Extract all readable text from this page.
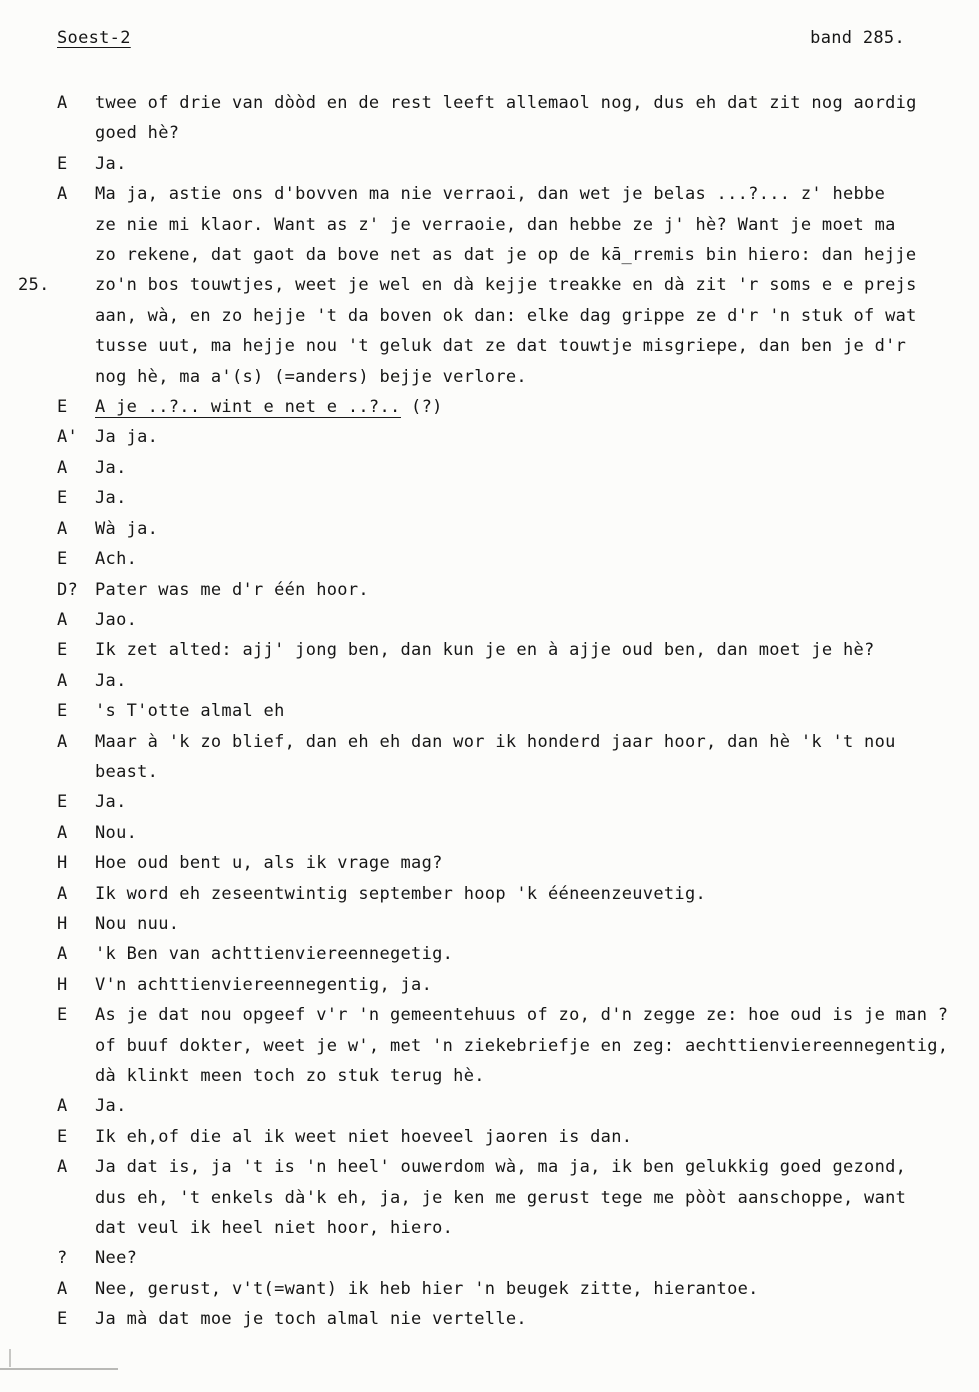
Soest-2	band 285.
A	twee of drie van dòòd en de rest leeft allemaol nog, dus eh dat zit nog aordig
goed hè?
E	Ja.
A	Ma ja, astie ons d'bovven ma nie verraoi, dan wet je belas ...?... z' hebbe
ze nie mi klaor. Want as z' je verraoie, dan hebbe ze j' hè? Want je moet ma
zo rekene, dat gaot da bove net as dat je op de kā̲rremis bin hiero: dan hejje
25.	zo'n bos touwtjes, weet je wel en dà kejje treakke en dà zit 'r soms e e prejs
aan, wà, en zo hejje 't da boven ok dan: elke dag grippe ze d'r 'n stuk of wat
tusse uut, ma hejje nou 't geluk dat ze dat touwtje misgriepe, dan ben je d'r
nog hè, ma a'(s) (=anders) bejje verlore.
E	A je ..?.. wint e net e ..?.. (?)
A' Ja ja.
A	Ja.
E	Ja.
A	Wà ja.
E	Ach.
D? Pater was me d'r één hoor.
A	Jao.
E	Ik zet alted: ajj' jong ben, dan kun je en à ajje oud ben, dan moet je hè?
A	Ja.
E	's T'otte almal eh
A	Maar à 'k zo blief, dan eh eh dan wor ik honderd jaar hoor, dan hè 'k 't nou
beast.
E	Ja.
A	Nou.
H	Hoe oud bent u, als ik vrage mag?
A	Ik word eh zeseentwintig september hoop 'k ééneenzeuvetig.
H	Nou nuu.
A	'k Ben van achttienviereennegetig.
H	V'n achttienviereennegentig, ja.
E	As je dat nou opgeef v'r 'n gemeentehuus of zo, d'n zegge ze: hoe oud is je man ?
of buuf dokter, weet je w', met 'n ziekebriefje en zeg: aechttienviereennegentig,
dà klinkt meen toch zo stuk terug hè.
A	Ja.
E	Ik eh,of die al ik weet niet hoeveel jaoren is dan.
A	Ja dat is, ja 't is 'n heel' ouwerdom wà, ma ja, ik ben gelukkig goed gezond,
dus eh, 't enkels dà'k eh, ja, je ken me gerust tege me pòòt aanschoppe, want
dat veul ik heel niet hoor, hiero.
?	Nee?
A	Nee, gerust, v't(=want) ik heb hier 'n beugek zitte, hierantoe.
E	Ja mà dat moe je toch almal nie vertelle.
